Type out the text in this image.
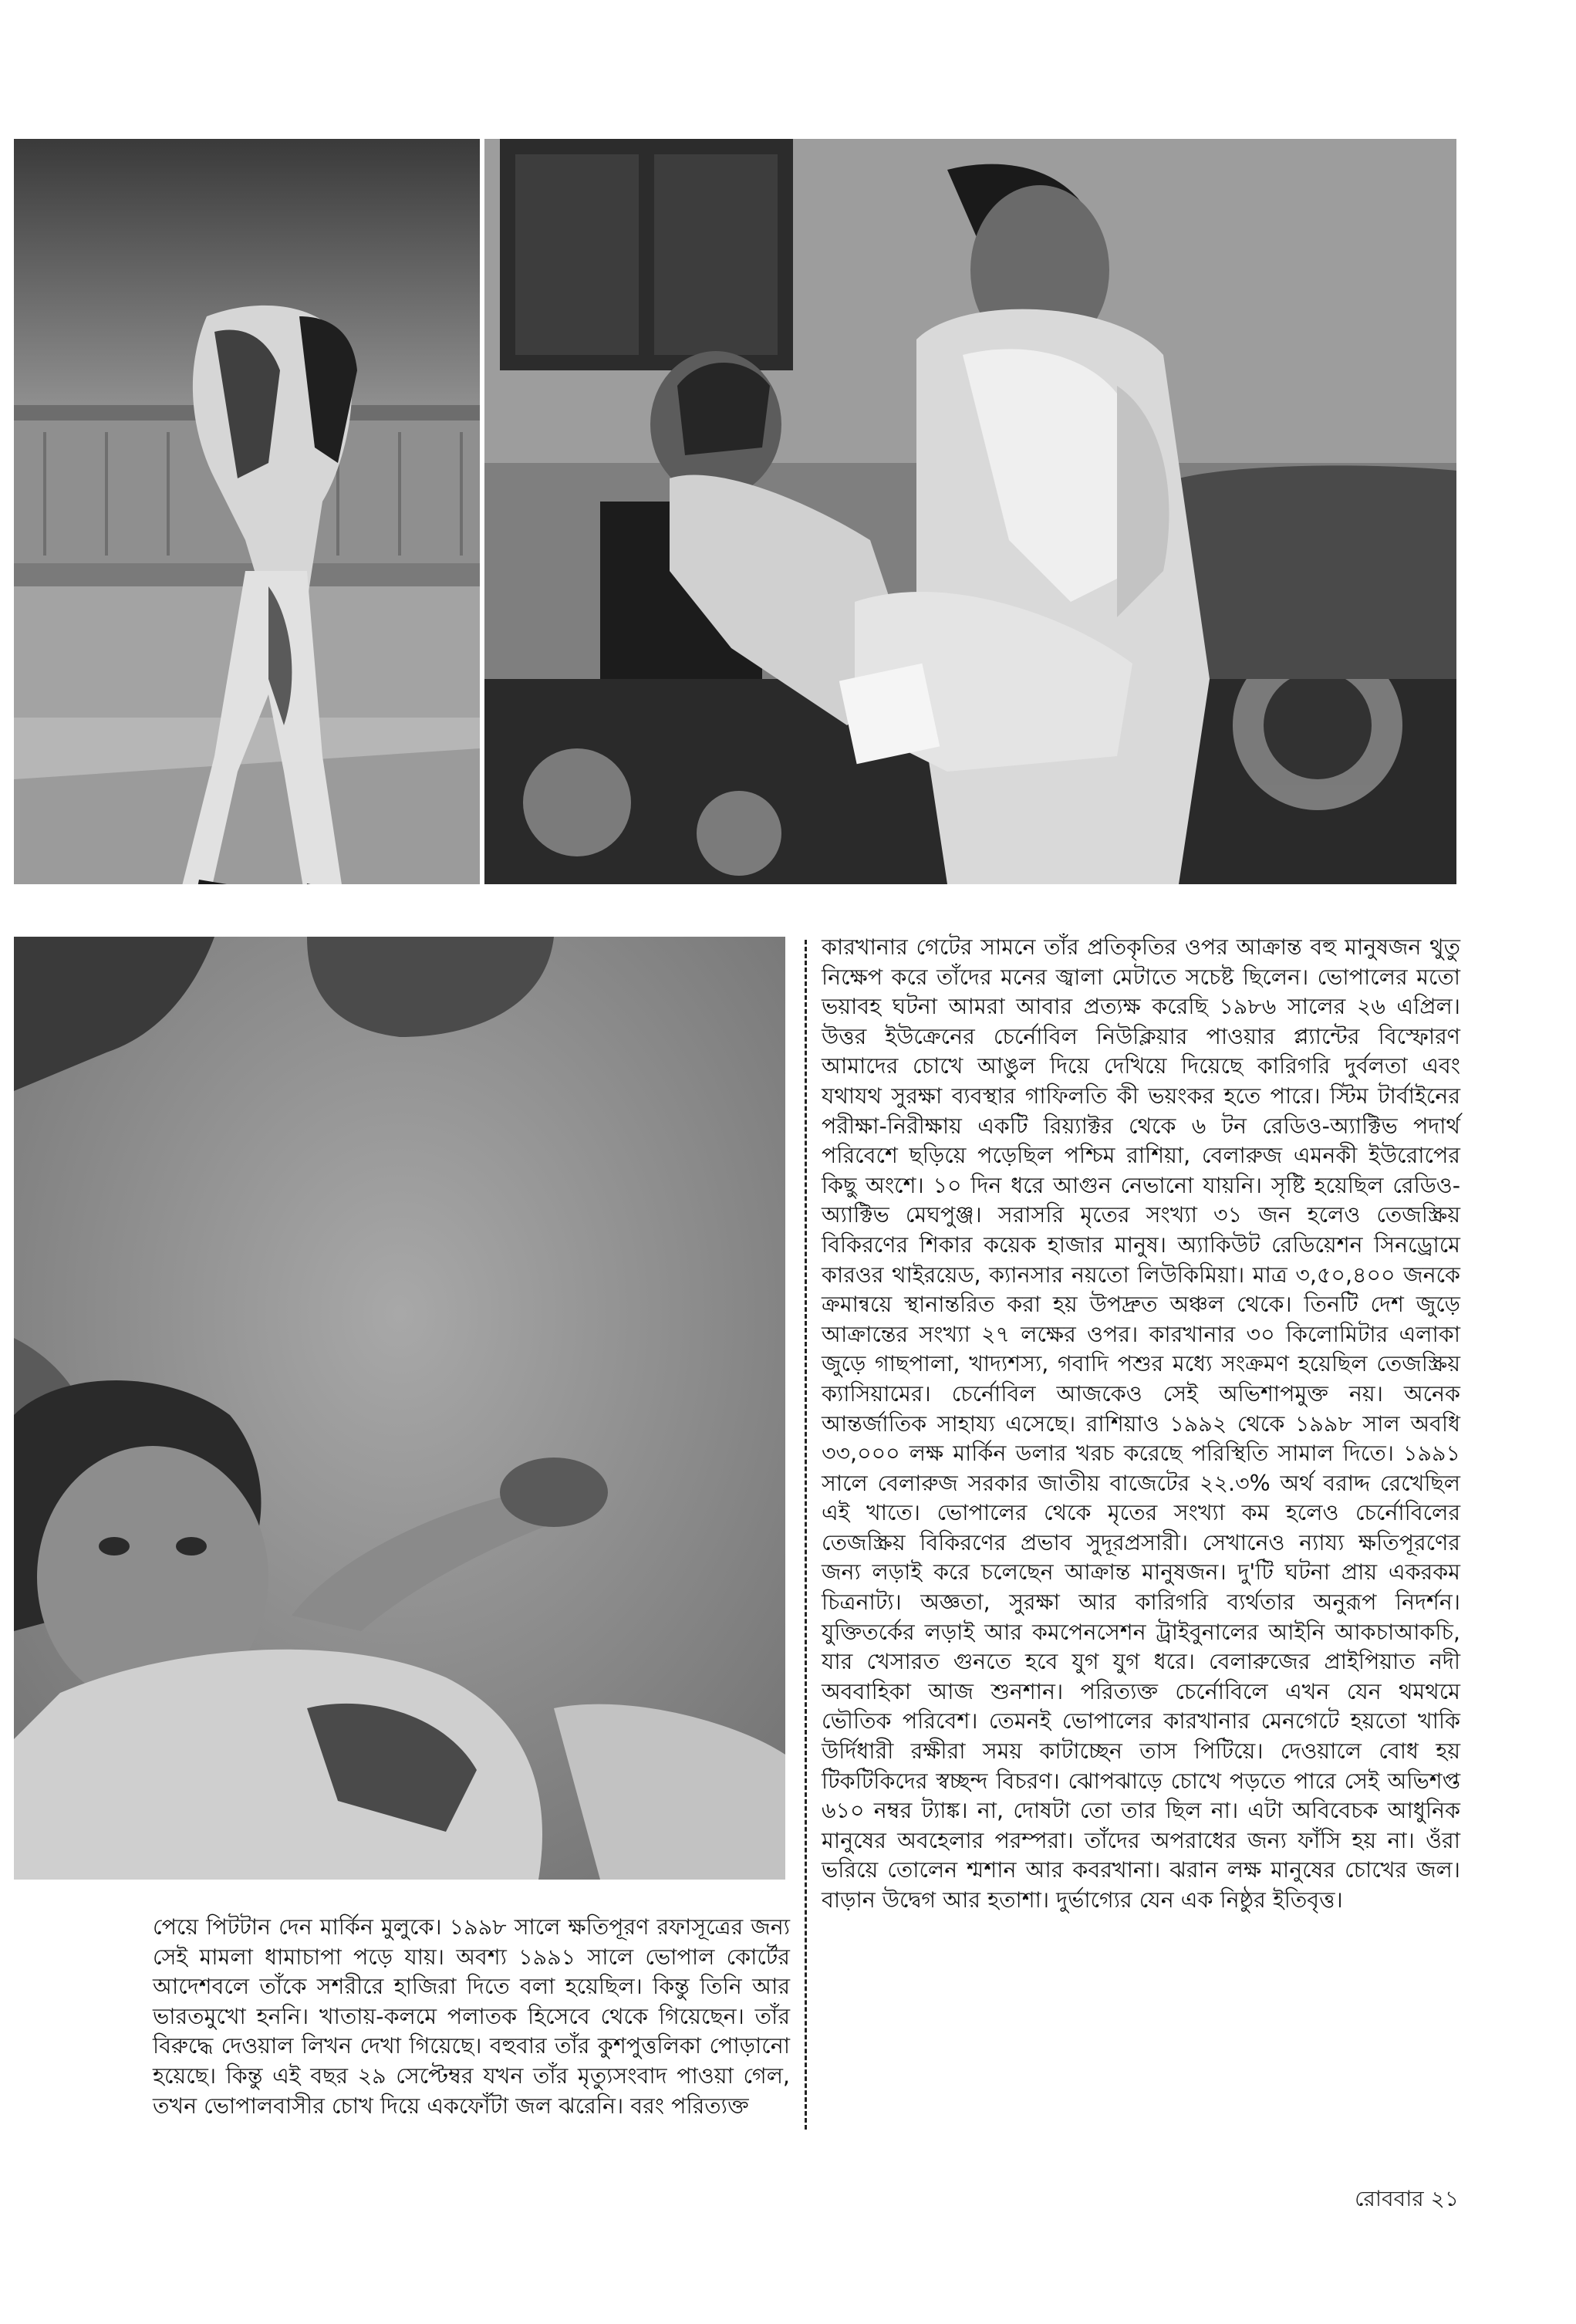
কারখানার গেটের সামনে তাঁর প্রতিকৃতির ওপর আক্রান্ত বহু মানুষজন থুতু নিক্ষেপ করে তাঁদের মনের জ্বালা মেটাতে সচেষ্ট ছিলেন। ভোপালের মতো ভয়াবহ ঘটনা আমরা আবার প্রত্যক্ষ করেছি ১৯৮৬ সালের ২৬ এপ্রিল। উত্তর ইউক্রেনের চের্নোবিল নিউক্লিয়ার পাওয়ার প্ল্যান্টের বিস্ফোরণ আমাদের চোখে আঙুল দিয়ে দেখিয়ে দিয়েছে কারিগরি দুর্বলতা এবং যথাযথ সুরক্ষা ব্যবস্থার গাফিলতি কী ভয়ংকর হতে পারে। স্টিম টার্বাইনের পরীক্ষা-নিরীক্ষায় একটি রিয়্যাক্টর থেকে ৬ টন রেডিও-অ্যাক্টিভ পদার্থ পরিবেশে ছড়িয়ে পড়েছিল পশ্চিম রাশিয়া, বেলারুজ এমনকী ইউরোপের কিছু অংশে। ১০ দিন ধরে আগুন নেভানো যায়নি। সৃষ্টি হয়েছিল রেডিও-অ্যাক্টিভ মেঘপুঞ্জ। সরাসরি মৃতের সংখ্যা ৩১ জন হলেও তেজস্ক্রিয় বিকিরণের শিকার কয়েক হাজার মানুষ। অ্যাকিউট রেডিয়েশন সিনড্রোমে কারওর থাইরয়েড, ক্যানসার নয়তো লিউকিমিয়া। মাত্র ৩,৫০,৪০০ জনকে ক্রমান্বয়ে স্থানান্তরিত করা হয় উপদ্রুত অঞ্চল থেকে। তিনটি দেশ জুড়ে আক্রান্তের সংখ্যা ২৭ লক্ষের ওপর। কারখানার ৩০ কিলোমিটার এলাকা জুড়ে গাছপালা, খাদ্যশস্য, গবাদি পশুর মধ্যে সংক্রমণ হয়েছিল তেজস্ক্রিয় ক্যাসিয়ামের। চের্নোবিল আজকেও সেই অভিশাপমুক্ত নয়। অনেক আন্তর্জাতিক সাহায্য এসেছে। রাশিয়াও ১৯৯২ থেকে ১৯৯৮ সাল অবধি ৩৩,০০০ লক্ষ মার্কিন ডলার খরচ করেছে পরিস্থিতি সামাল দিতে। ১৯৯১ সালে বেলারুজ সরকার জাতীয় বাজেটের ২২.৩% অর্থ বরাদ্দ রেখেছিল এই খাতে। ভোপালের থেকে মৃতের সংখ্যা কম হলেও চের্নোবিলের তেজস্ক্রিয় বিকিরণের প্রভাব সুদূরপ্রসারী। সেখানেও ন্যায্য ক্ষতিপূরণের জন্য লড়াই করে চলেছেন আক্রান্ত মানুষজন। দু'টি ঘটনা প্রায় একরকম চিত্রনাট্য। অজ্ঞতা, সুরক্ষা আর কারিগরি ব্যর্থতার অনুরূপ নিদর্শন। যুক্তিতর্কের লড়াই আর কমপেনসেশন ট্রাইবুনালের আইনি আকচাআকচি, যার খেসারত গুনতে হবে যুগ যুগ ধরে। বেলারুজের প্রাইপিয়াত নদী অববাহিকা আজ শুনশান। পরিত্যক্ত চের্নোবিলে এখন যেন থমথমে ভৌতিক পরিবেশ। তেমনই ভোপালের কারখানার মেনগেটে হয়তো খাকি উর্দিধারী রক্ষীরা সময় কাটাচ্ছেন তাস পিটিয়ে। দেওয়ালে বোধ হয় টিকটিকিদের স্বচ্ছন্দ বিচরণ। ঝোপঝাড়ে চোখে পড়তে পারে সেই অভিশপ্ত ৬১০ নম্বর ট্যাঙ্ক। না, দোষটা তো তার ছিল না। এটা অবিবেচক আধুনিক মানুষের অবহেলার পরম্পরা। তাঁদের অপরাধের জন্য ফাঁসি হয় না। ওঁরা ভরিয়ে তোলেন শ্মশান আর কবরখানা। ঝরান লক্ষ মানুষের চোখের জল। বাড়ান উদ্বেগ আর হতাশা। দুর্ভাগ্যের যেন এক নিষ্ঠুর ইতিবৃত্ত।

পেয়ে পিটটান দেন মার্কিন মুলুকে। ১৯৯৮ সালে ক্ষতিপূরণ রফাসূত্রের জন্য সেই মামলা ধামাচাপা পড়ে যায়। অবশ্য ১৯৯১ সালে ভোপাল কোর্টের আদেশবলে তাঁকে সশরীরে হাজিরা দিতে বলা হয়েছিল। কিন্তু তিনি আর ভারতমুখো হননি। খাতায়-কলমে পলাতক হিসেবে থেকে গিয়েছেন। তাঁর বিরুদ্ধে দেওয়াল লিখন দেখা গিয়েছে। বহুবার তাঁর কুশপুত্তলিকা পোড়ানো হয়েছে। কিন্তু এই বছর ২৯ সেপ্টেম্বর যখন তাঁর মৃত্যুসংবাদ পাওয়া গেল, তখন ভোপালবাসীর চোখ দিয়ে একফোঁটা জল ঝরেনি। বরং পরিত্যক্ত

রোববার ২১
